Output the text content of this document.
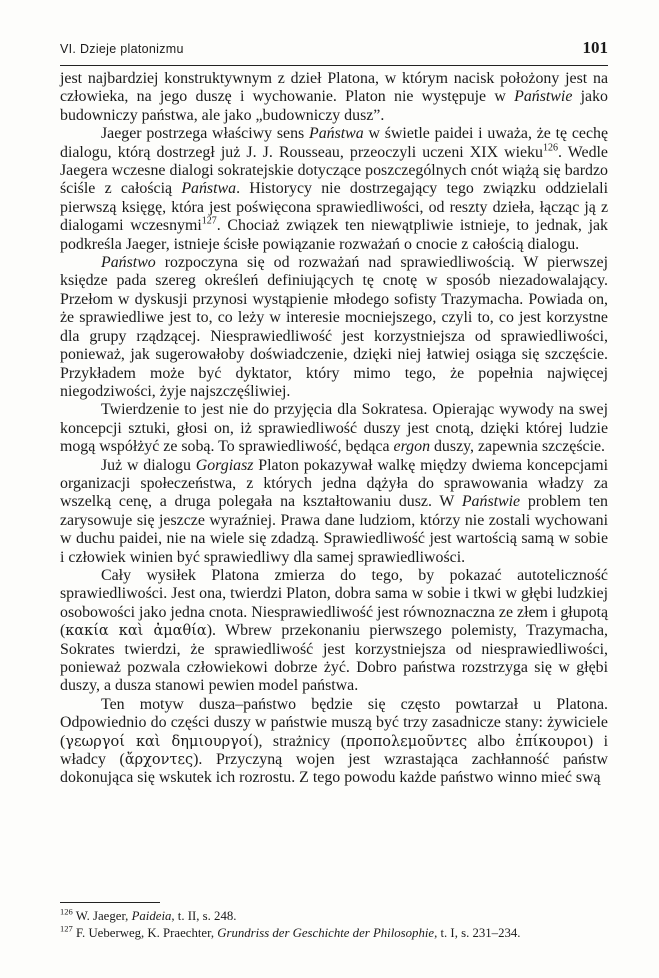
VI. Dzieje platonizmu	101

jest najbardziej konstruktywnym z dzieł Platona, w którym nacisk położony jest na człowieka, na jego duszę i wychowanie. Platon nie występuje w Państwie jako budowniczy państwa, ale jako „budowniczy dusz”.

Jaeger postrzega właściwy sens Państwa w świetle paidei i uważa, że tę cechę dialogu, którą dostrzegł już J. J. Rousseau, przeoczyli uczeni XIX wieku$^{126}$. Wedle Jaegera wczesne dialogi sokratejskie dotyczące poszczególnych cnót wiążą się bardzo ściśle z całością Państwa. Historycy nie dostrzegający tego związku oddzielali pierwszą księgę, która jest poświęcona sprawiedliwości, od reszty dzieła, łącząc ją z dialogami wczesnymi$^{127}$. Chociaż związek ten niewątpliwie istnieje, to jednak, jak podkreśla Jaeger, istnieje ścisłe powiązanie rozważań o cnocie z całością dialogu.

Państwo rozpoczyna się od rozważań nad sprawiedliwością. W pierwszej księdze pada szereg określeń definiujących tę cnotę w sposób niezadowalający. Przełom w dyskusji przynosi wystąpienie młodego sofisty Trazymacha. Powiada on, że sprawiedliwe jest to, co leży w interesie mocniejszego, czyli to, co jest korzystne dla grupy rządzącej. Niesprawiedliwość jest korzystniejsza od sprawiedliwości, ponieważ, jak sugerowałoby doświadczenie, dzięki niej łatwiej osiąga się szczęście. Przykładem może być dyktator, który mimo tego, że popełnia najwięcej niegodziwości, żyje najszczęśliwiej.

Twierdzenie to jest nie do przyjęcia dla Sokratesa. Opierając wywody na swej koncepcji sztuki, głosi on, iż sprawiedliwość duszy jest cnotą, dzięki której ludzie mogą współżyć ze sobą. To sprawiedliwość, będąca ergon duszy, zapewnia szczęście.

Już w dialogu Gorgiasz Platon pokazywał walkę między dwiema koncepcjami organizacji społeczeństwa, z których jedna dążyła do sprawowania władzy za wszelką cenę, a druga polegała na kształtowaniu dusz. W Państwie problem ten zarysowuje się jeszcze wyraźniej. Prawa dane ludziom, którzy nie zostali wychowani w duchu paidei, nie na wiele się zdadzą. Sprawiedliwość jest wartością samą w sobie i człowiek winien być sprawiedliwy dla samej sprawiedliwości.

Cały wysiłek Platona zmierza do tego, by pokazać autoteliczność sprawiedliwości. Jest ona, twierdzi Platon, dobra sama w sobie i tkwi w głębi ludzkiej osobowości jako jedna cnota. Niesprawiedliwość jest równoznaczna ze złem i głupotą (κακία καὶ ἀμαθία). Wbrew przekonaniu pierwszego polemisty, Trazymacha, Sokrates twierdzi, że sprawiedliwość jest korzystniejsza od niesprawiedliwości, ponieważ pozwala człowiekowi dobrze żyć. Dobro państwa rozstrzyga się w głębi duszy, a dusza stanowi pewien model państwa.

Ten motyw dusza–państwo będzie się często powtarzał u Platona. Odpowiednio do części duszy w państwie muszą być trzy zasadnicze stany: żywiciele (γεωργοί καὶ δημιουργοί), strażnicy (προπολεμοῦντες albo ἐπίκουροι) i władcy (ἄρχοντες). Przyczyną wojen jest wzrastająca zachłanność państw dokonująca się wskutek ich rozrostu. Z tego powodu każde państwo winno mieć swą

$^{126}$ W. Jaeger, Paideia, t. II, s. 248.
$^{127}$ F. Ueberweg, K. Praechter, Grundriss der Geschichte der Philosophie, t. I, s. 231–234.
